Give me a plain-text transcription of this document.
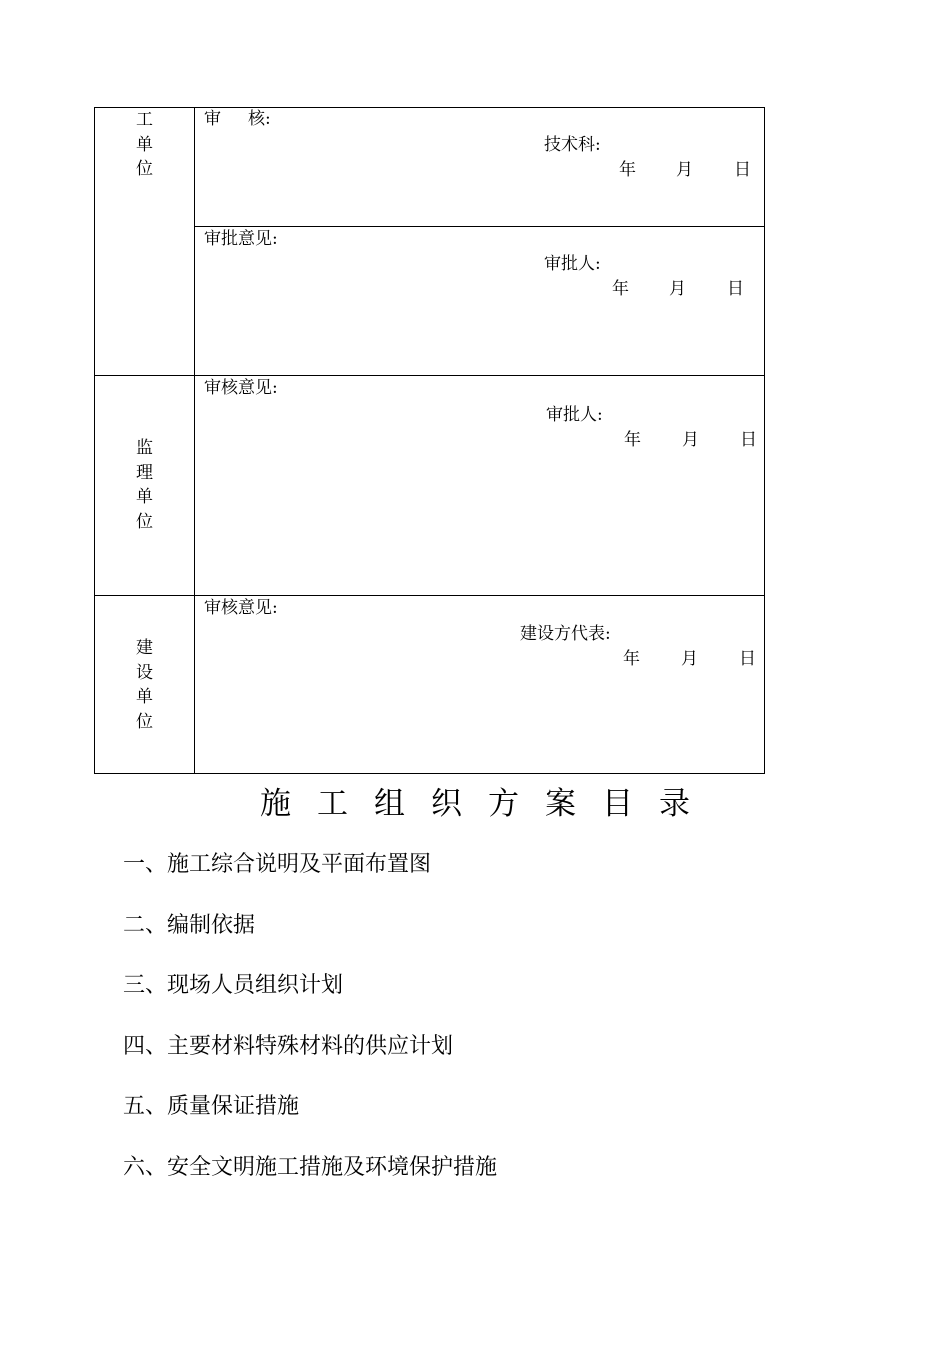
工
单
位
审     核:
技术科:
年 月 日
审批意见:
审批人:
年 月 日
监
理
单
位
审核意见:
审批人:
年 月 日
建
设
单
位
审核意见:
建设方代表:
年 月 日
施工组织方案目录
一、施工综合说明及平面布置图
二、编制依据
三、现场人员组织计划
四、主要材料特殊材料的供应计划
五、质量保证措施
六、安全文明施工措施及环境保护措施
